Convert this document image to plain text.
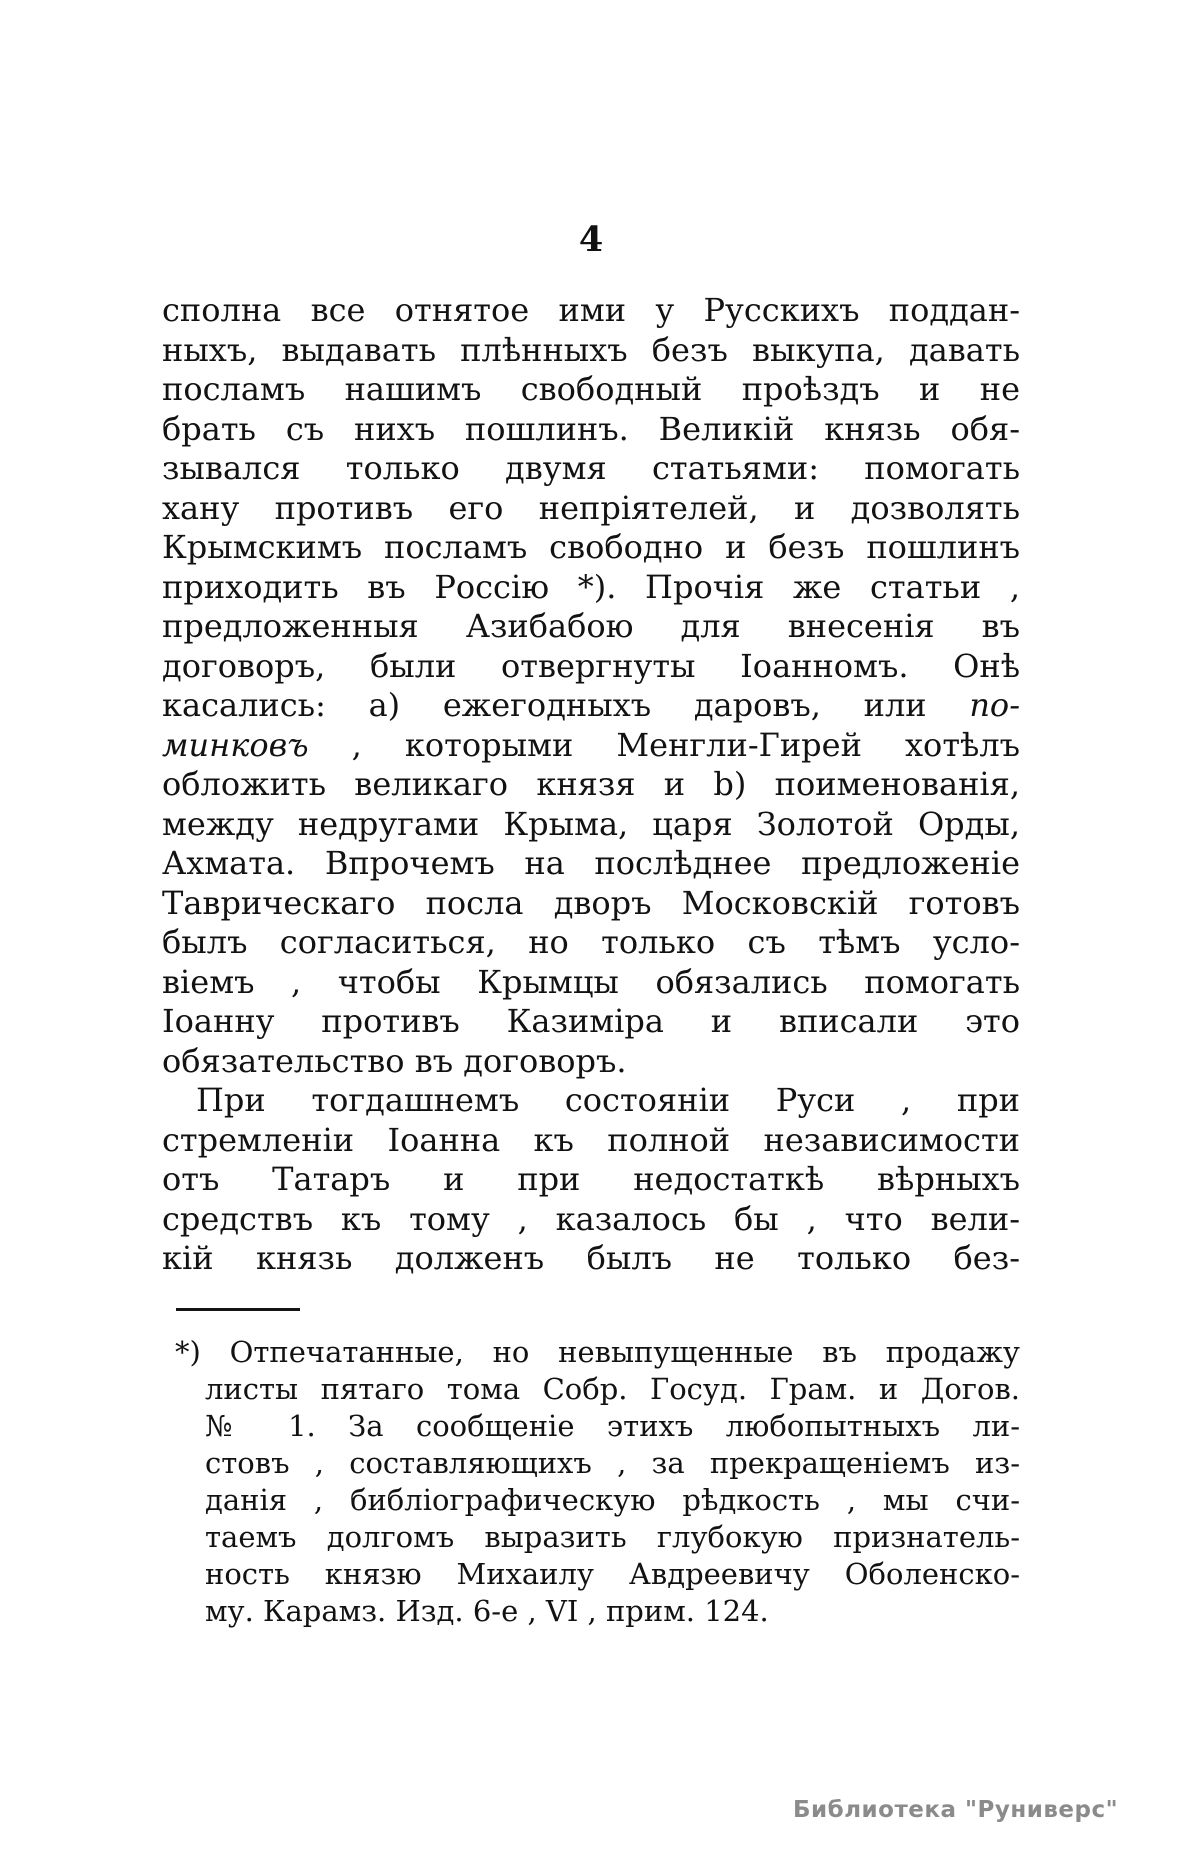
4
сполна все отнятое ими у Русскихъ поддан-
ныхъ, выдавать плѣнныхъ безъ выкупа, давать
посламъ нашимъ свободный проѣздъ и не
брать съ нихъ пошлинъ. Великій князь обя-
зывался только двумя статьями: помогать
хану противъ его непріятелей, и дозволять
Крымскимъ посламъ свободно и безъ пошлинъ
приходить въ Россію *). Прочія же статьи ,
предложенныя Азибабою для внесенія въ
договоръ, были отвергнуты Іоанномъ. Онѣ
касались: а) ежегодныхъ даровъ, или по-
минковъ , которыми Менгли-Гирей хотѣлъ
обложить великаго князя и b) поименованія,
между недругами Крыма, царя Золотой Орды,
Ахмата. Впрочемъ на послѣднее предложеніе
Таврическаго посла дворъ Московскій готовъ
былъ согласиться, но только съ тѣмъ усло-
віемъ , чтобы Крымцы обязались помогать
Іоанну противъ Казиміра и вписали это
обязательство въ договоръ.
При тогдашнемъ состояніи Руси , при
стремленіи Іоанна къ полной независимости
отъ Татаръ и при недостаткѣ вѣрныхъ
средствъ къ тому , казалось бы , что вели-
кій князь долженъ былъ не только без-
*) Отпечатанные, но невыпущенные въ продажу
листы пятаго тома Собр. Госуд. Грам. и Догов.
№ 1. За сообщеніе этихъ любопытныхъ ли-
стовъ , составляющихъ , за прекращеніемъ из-
данія , библіографическую рѣдкость , мы счи-
таемъ долгомъ выразить глубокую признатель-
ность князю Михаилу Авдреевичу Оболенско-
му. Карамз. Изд. 6-е , VI , прим. 124.
Библиотека "Руниверс"
